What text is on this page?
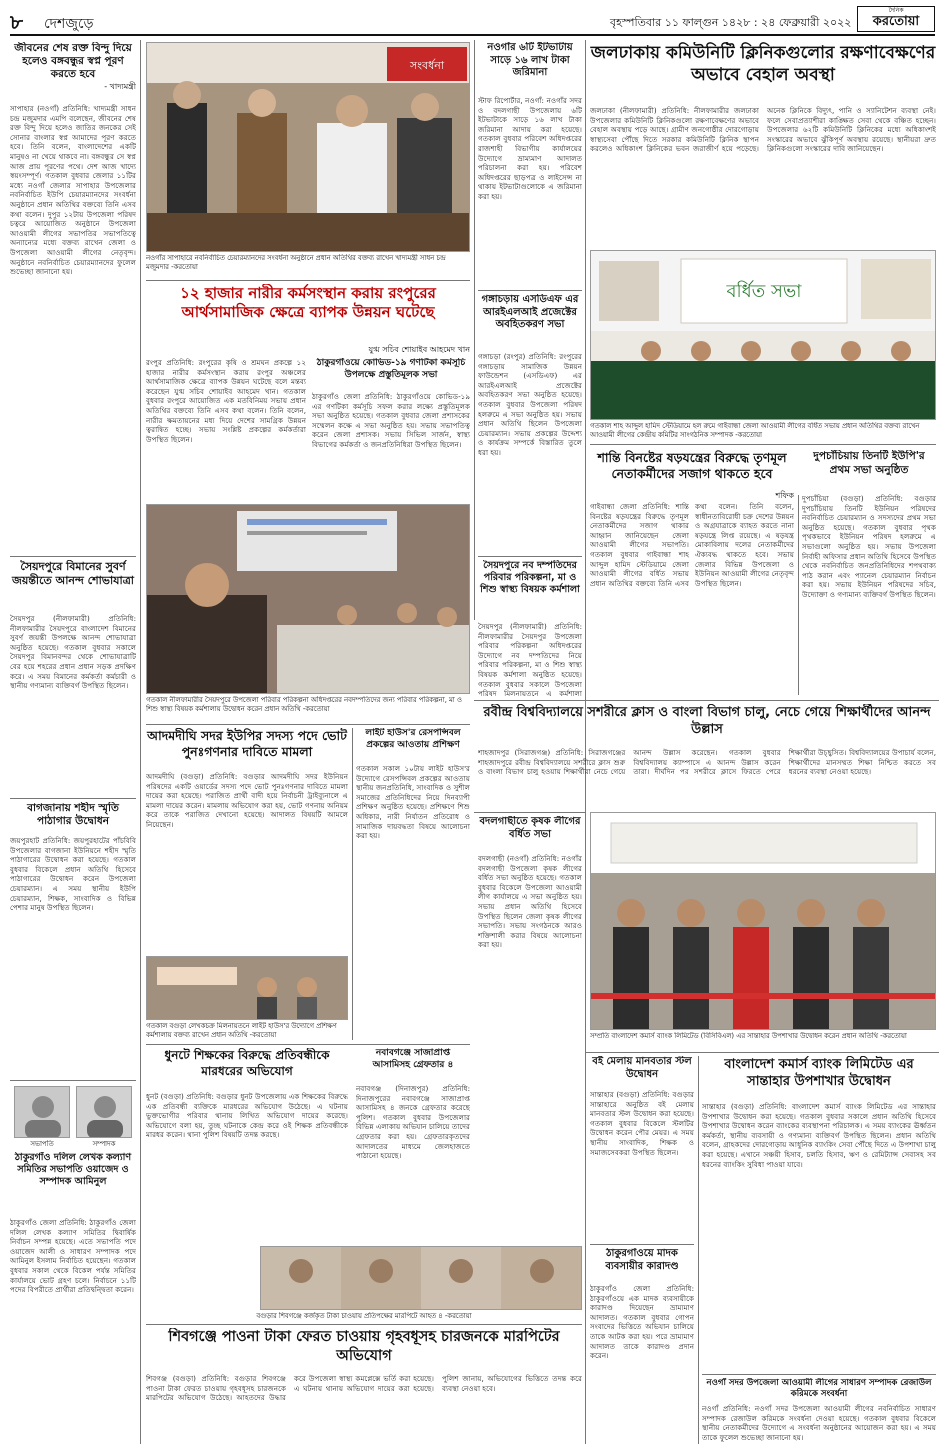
৮ দেশজুড়ে	বৃহস্পতিবার ১১ ফাল্গুন ১৪২৮ : ২৪ ফেব্রুয়ারী ২০২২
দৈনিক
করতোয়া
জীবনের শেষ রক্ত বিন্দু দিয়ে হলেও বঙ্গবন্ধুর স্বপ্ন পূরণ করতে হবে
- খাদ্যমন্ত্রী
সাপাহার (নওগাঁ) প্রতিনিধি: খাদ্যমন্ত্রী সাধন চন্দ্র মজুমদার এমপি বলেছেন, জীবনের শেষ রক্ত বিন্দু দিয়ে হলেও জাতির জনকের সেই সোনার বাংলার স্বপ্ন আমাদের পূরণ করতে হবে। তিনি বলেন, বাংলাদেশের একটি মানুষও না খেয়ে থাকবে না। বঙ্গবন্ধুর সে স্বপ্ন আজ প্রায় পূরণের পথে। দেশ আজ খাদ্যে স্বয়ংসম্পূর্ণ। গতকাল বুধবার জেলার ১১টির মধ্যে নওগাঁ জেলার সাপাহার উপজেলার নবনির্বাচিত ইউপি চেয়ারম্যানদের সংবর্ধনা অনুষ্ঠানে প্রধান অতিথির বক্তব্যে তিনি এসব কথা বলেন। দুপুর ১২টায় উপজেলা পরিষদ চত্বরে আয়োজিত অনুষ্ঠানে উপজেলা আওয়ামী লীগের সভাপতির সভাপতিত্বে অন্যান্যের মধ্যে বক্তব্য রাখেন জেলা ও উপজেলা আওয়ামী লীগের নেতৃবৃন্দ। অনুষ্ঠানে নবনির্বাচিত চেয়ারম্যানদের ফুলেল শুভেচ্ছা জানানো হয়।
সৈয়দপুরে বিমানের সুবর্ণ জয়ন্তীতে আনন্দ শোভাযাত্রা
সৈয়দপুর (নীলফামারী) প্রতিনিধি: নীলফামারীর সৈয়দপুরে বাংলাদেশ বিমানের সুবর্ণ জয়ন্তী উপলক্ষে আনন্দ শোভাযাত্রা অনুষ্ঠিত হয়েছে। গতকাল বুধবার সকালে সৈয়দপুর বিমানবন্দর থেকে শোভাযাত্রাটি বের হয়ে শহরের প্রধান প্রধান সড়ক প্রদক্ষিণ করে। এ সময় বিমানের কর্মকর্তা কর্মচারী ও স্থানীয় গণ্যমান্য ব্যক্তিবর্গ উপস্থিত ছিলেন।
বাগজানায় শহীদ স্মৃতি পাঠাগার উদ্বোধন
জয়পুরহাট প্রতিনিধি: জয়পুরহাটের পাঁচবিবি উপজেলার বাগজানা ইউনিয়নে শহীদ স্মৃতি পাঠাগারের উদ্বোধন করা হয়েছে। গতকাল বুধবার বিকেলে প্রধান অতিথি হিসেবে পাঠাগারের উদ্বোধন করেন উপজেলা চেয়ারম্যান। এ সময় স্থানীয় ইউপি চেয়ারম্যান, শিক্ষক, সাংবাদিক ও বিভিন্ন পেশার মানুষ উপস্থিত ছিলেন।
সভাপতি	সম্পাদক
ঠাকুরগাঁও দলিল লেখক কল্যাণ সমিতির সভাপতি ওয়াজেদ ও সম্পাদক আমিনুল
ঠাকুরগাঁও জেলা প্রতিনিধি: ঠাকুরগাঁও জেলা দলিল লেখক কল্যাণ সমিতির দ্বিবার্ষিক নির্বাচন সম্পন্ন হয়েছে। এতে সভাপতি পদে ওয়াজেদ আলী ও সাধারণ সম্পাদক পদে আমিনুল ইসলাম নির্বাচিত হয়েছেন। গতকাল বুধবার সকাল থেকে বিকেল পর্যন্ত সমিতির কার্যালয়ে ভোট গ্রহণ চলে। নির্বাচনে ১১টি পদের বিপরীতে প্রার্থীরা প্রতিদ্বন্দ্বিতা করেন।
সংবর্ধনা
নওগাঁর সাপাহারে নবনির্বাচিত চেয়ারম্যানদের সংবর্ধনা অনুষ্ঠানে প্রধান অতিথির বক্তব্য রাখেন খাদ্যমন্ত্রী সাধন চন্দ্র মজুমদার -করতোয়া
১২ হাজার নারীর কর্মসংস্থান করায় রংপুরের আর্থসামাজিক ক্ষেত্রে ব্যাপক উন্নয়ন ঘটেছে
যুগ্ম সচিব শোয়াইব আহমেদ খান
রংপুর প্রতিনিধি: রংপুরের কৃষি ও শ্রমঘন প্রকল্পে ১২ হাজার নারীর কর্মসংস্থান করায় রংপুর অঞ্চলের আর্থসামাজিক ক্ষেত্রে ব্যাপক উন্নয়ন ঘটেছে বলে মন্তব্য করেছেন যুগ্ম সচিব শোয়াইব আহমেদ খান। গতকাল বুধবার রংপুরে আয়োজিত এক মতবিনিময় সভায় প্রধান অতিথির বক্তব্যে তিনি এসব কথা বলেন। তিনি বলেন, নারীর ক্ষমতায়নের মধ্য দিয়ে দেশের সামগ্রিক উন্নয়ন ত্বরান্বিত হচ্ছে। সভায় সংশ্লিষ্ট প্রকল্পের কর্মকর্তারা উপস্থিত ছিলেন।
ঠাকুরগাঁওয়ে কোভিড-১৯ গণটিকা কর্মসূচি উপলক্ষে প্রস্তুতিমূলক সভা
ঠাকুরগাঁও জেলা প্রতিনিধি: ঠাকুরগাঁওয়ে কোভিড-১৯ এর গণটিকা কর্মসূচি সফল করার লক্ষ্যে প্রস্তুতিমূলক সভা অনুষ্ঠিত হয়েছে। গতকাল বুধবার জেলা প্রশাসকের সম্মেলন কক্ষে এ সভা অনুষ্ঠিত হয়। সভায় সভাপতিত্ব করেন জেলা প্রশাসক। সভায় সিভিল সার্জন, স্বাস্থ্য বিভাগের কর্মকর্তা ও জনপ্রতিনিধিরা উপস্থিত ছিলেন।
গতকাল নীলফামারীর সৈয়দপুরে উপজেলা পরিবার পরিকল্পনা অধিদপ্তরের নবদম্পতিদের জন্য পরিবার পরিকল্পনা, মা ও শিশু স্বাস্থ্য বিষয়ক কর্মশালায় উদ্বোধন করেন প্রধান অতিথি -করতোয়া
আদমদীঘি সদর ইউপির সদস্য পদে ভোট পুনঃগণনার দাবিতে মামলা
আদমদীঘি (বগুড়া) প্রতিনিধি: বগুড়ার আদমদীঘি সদর ইউনিয়ন পরিষদের একটি ওয়ার্ডের সদস্য পদে ভোট পুনঃগণনার দাবিতে মামলা দায়ের করা হয়েছে। পরাজিত প্রার্থী বাদী হয়ে নির্বাচনী ট্রাইব্যুনালে এ মামলা দায়ের করেন। মামলায় অভিযোগ করা হয়, ভোট গণনায় অনিয়ম করে তাকে পরাজিত দেখানো হয়েছে। আদালত বিষয়টি আমলে নিয়েছেন।
লাইট হাউস'র রেসপন্সিবল প্রকল্পের আওতায় প্রশিক্ষণ
গতকাল সকাল ১০টায় লাইট হাউস'র উদ্যোগে রেসপন্সিবল প্রকল্পের আওতায় স্থানীয় জনপ্রতিনিধি, সাংবাদিক ও সুশীল সমাজের প্রতিনিধিদের নিয়ে দিনব্যাপী প্রশিক্ষণ অনুষ্ঠিত হয়েছে। প্রশিক্ষণে শিশু অধিকার, নারী নির্যাতন প্রতিরোধ ও সামাজিক দায়বদ্ধতা বিষয়ে আলোচনা করা হয়।
গতকাল বগুড়া লেখকচক্র মিলনায়তনে লাইট হাউস'র উদ্যোগে প্রশিক্ষণ কর্মশালায় বক্তব্য রাখেন প্রধান অতিথি -করতোয়া
ধুনটে শিক্ষকের বিরুদ্ধে প্রতিবন্ধীকে মারধরের অভিযোগ
ধুনট (বগুড়া) প্রতিনিধি: বগুড়ার ধুনট উপজেলায় এক শিক্ষকের বিরুদ্ধে এক প্রতিবন্ধী ব্যক্তিকে মারধরের অভিযোগ উঠেছে। এ ঘটনায় ভুক্তভোগীর পরিবার থানায় লিখিত অভিযোগ দায়ের করেছে। অভিযোগে বলা হয়, তুচ্ছ ঘটনাকে কেন্দ্র করে ওই শিক্ষক প্রতিবন্ধীকে মারধর করেন। থানা পুলিশ বিষয়টি তদন্ত করছে।
নবাবগঞ্জে সাজাপ্রাপ্ত আসামিসহ গ্রেফতার ৪
নবাবগঞ্জ (দিনাজপুর) প্রতিনিধি: দিনাজপুরের নবাবগঞ্জে সাজাপ্রাপ্ত আসামিসহ ৪ জনকে গ্রেফতার করেছে পুলিশ। গতকাল বুধবার উপজেলার বিভিন্ন এলাকায় অভিযান চালিয়ে তাদের গ্রেফতার করা হয়। গ্রেফতারকৃতদের আদালতের মাধ্যমে জেলহাজতে পাঠানো হয়েছে।
বগুড়ার শিবগঞ্জে কর্জকৃত টাকা চাওয়ায় প্রতিপক্ষের মারপিটে আহত ৪ -করতোয়া
শিবগঞ্জে পাওনা টাকা ফেরত চাওয়ায় গৃহবধূসহ চারজনকে মারপিটের অভিযোগ
শিবগঞ্জ (বগুড়া) প্রতিনিধি: বগুড়ার শিবগঞ্জে পাওনা টাকা ফেরত চাওয়ায় গৃহবধূসহ চারজনকে মারপিটের অভিযোগ উঠেছে। আহতদের উদ্ধার করে উপজেলা স্বাস্থ্য কমপ্লেক্সে ভর্তি করা হয়েছে। এ ঘটনায় থানায় অভিযোগ দায়ের করা হয়েছে। পুলিশ জানায়, অভিযোগের ভিত্তিতে তদন্ত করে ব্যবস্থা নেওয়া হবে।
নওগাঁর ৬টি ইটভাটায় সাড়ে ১৬ লাখ টাকা জরিমানা
স্টাফ রিপোর্টার, নওগাঁ: নওগাঁর সদর ও বদলগাছী উপজেলায় ৬টি ইটভাটাকে সাড়ে ১৬ লাখ টাকা জরিমানা আদায় করা হয়েছে। গতকাল বুধবার পরিবেশ অধিদপ্তরের রাজশাহী বিভাগীয় কার্যালয়ের উদ্যোগে ভ্রাম্যমাণ আদালত পরিচালনা করা হয়। পরিবেশ অধিদপ্তরের ছাড়পত্র ও লাইসেন্স না থাকায় ইটভাটাগুলোকে এ জরিমানা করা হয়।
গঙ্গাচড়ায় এসডিএফ এর আরইএলআই প্রজেক্টের অবহিতকরণ সভা
গঙ্গাচড়া (রংপুর) প্রতিনিধি: রংপুরের গঙ্গাচড়ায় সামাজিক উন্নয়ন ফাউন্ডেশন (এসডিএফ) এর আরইএলআই প্রজেক্টের অবহিতকরণ সভা অনুষ্ঠিত হয়েছে। গতকাল বুধবার উপজেলা পরিষদ হলরুমে এ সভা অনুষ্ঠিত হয়। সভায় প্রধান অতিথি ছিলেন উপজেলা চেয়ারম্যান। সভায় প্রকল্পের উদ্দেশ্য ও কার্যক্রম সম্পর্কে বিস্তারিত তুলে ধরা হয়।
সৈয়দপুরে নব দম্পতিদের পরিবার পরিকল্পনা, মা ও শিশু স্বাস্থ্য বিষয়ক কর্মশালা
সৈয়দপুর (নীলফামারী) প্রতিনিধি: নীলফামারীর সৈয়দপুর উপজেলা পরিবার পরিকল্পনা অধিদপ্তরের উদ্যোগে নব দম্পতিদের নিয়ে পরিবার পরিকল্পনা, মা ও শিশু স্বাস্থ্য বিষয়ক কর্মশালা অনুষ্ঠিত হয়েছে। গতকাল বুধবার সকালে উপজেলা পরিষদ মিলনায়তনে এ কর্মশালা
রবীন্দ্র বিশ্ববিদ্যালয়ে সশরীরে ক্লাস ও বাংলা বিভাগ চালু, নেচে গেয়ে শিক্ষার্থীদের আনন্দ উল্লাস
শাহজাদপুর (সিরাজগঞ্জ) প্রতিনিধি: সিরাজগঞ্জের শাহজাদপুরে রবীন্দ্র বিশ্ববিদ্যালয়ে সশরীরে ক্লাস শুরু ও বাংলা বিভাগ চালু হওয়ায় শিক্ষার্থীরা নেচে গেয়ে আনন্দ উল্লাস করেছেন। গতকাল বুধবার বিশ্ববিদ্যালয় ক্যাম্পাসে এ আনন্দ উল্লাস করেন তারা। দীর্ঘদিন পর সশরীরে ক্লাসে ফিরতে পেরে শিক্ষার্থীরা উচ্ছ্বসিত। বিশ্ববিদ্যালয়ের উপাচার্য বলেন, শিক্ষার্থীদের মানসম্মত শিক্ষা নিশ্চিত করতে সব ধরনের ব্যবস্থা নেওয়া হয়েছে।
বদলগাছীতে কৃষক লীগের বর্ধিত সভা
বদলগাছী (নওগাঁ) প্রতিনিধি: নওগাঁর বদলগাছী উপজেলা কৃষক লীগের বর্ধিত সভা অনুষ্ঠিত হয়েছে। গতকাল বুধবার বিকেলে উপজেলা আওয়ামী লীগ কার্যালয়ে এ সভা অনুষ্ঠিত হয়। সভায় প্রধান অতিথি হিসেবে উপস্থিত ছিলেন জেলা কৃষক লীগের সভাপতি। সভায় সংগঠনকে আরও শক্তিশালী করার বিষয়ে আলোচনা করা হয়।
জলঢাকায় কমিউনিটি ক্লিনিকগুলোর রক্ষণাবেক্ষণের অভাবে বেহাল অবস্থা
জলঢাকা (নীলফামারী) প্রতিনিধি: নীলফামারীর জলঢাকা উপজেলার কমিউনিটি ক্লিনিকগুলো রক্ষণাবেক্ষণের অভাবে বেহাল অবস্থায় পড়ে আছে। গ্রামীণ জনগোষ্ঠীর দোরগোড়ায় স্বাস্থ্যসেবা পৌঁছে দিতে সরকার কমিউনিটি ক্লিনিক স্থাপন করলেও অধিকাংশ ক্লিনিকের ভবন জরাজীর্ণ হয়ে পড়েছে। অনেক ক্লিনিকে বিদ্যুৎ, পানি ও স্যানিটেশন ব্যবস্থা নেই। ফলে সেবাপ্রত্যাশীরা কাঙ্ক্ষিত সেবা থেকে বঞ্চিত হচ্ছেন। উপজেলার ৬২টি কমিউনিটি ক্লিনিকের মধ্যে অধিকাংশই সংস্কারের অভাবে ঝুঁকিপূর্ণ অবস্থায় রয়েছে। স্থানীয়রা দ্রুত ক্লিনিকগুলো সংস্কারের দাবি জানিয়েছেন।
বর্ধিত সভা
গতকাল শাহ আব্দুল হামিদ স্টেডিয়ামে হল রুমে গাইবান্ধা জেলা আওয়ামী লীগের বর্ধিত সভায় প্রধান অতিথির বক্তব্য রাখেন আওয়ামী লীগের কেন্দ্রীয় কমিটির সাংগঠনিক সম্পাদক -করতোয়া
শান্তি বিনষ্টের ষড়যন্ত্রের বিরুদ্ধে তৃণমূল নেতাকর্মীদের সজাগ থাকতে হবে
শফিক
গাইবান্ধা জেলা প্রতিনিধি: শান্তি বিনষ্টের ষড়যন্ত্রের বিরুদ্ধে তৃণমূল নেতাকর্মীদের সজাগ থাকার আহ্বান জানিয়েছেন জেলা আওয়ামী লীগের সভাপতি। গতকাল বুধবার গাইবান্ধা শাহ আব্দুল হামিদ স্টেডিয়ামে জেলা আওয়ামী লীগের বর্ধিত সভায় প্রধান অতিথির বক্তব্যে তিনি এসব কথা বলেন। তিনি বলেন, স্বাধীনতাবিরোধী চক্র দেশের উন্নয়ন ও অগ্রযাত্রাকে ব্যাহত করতে নানা ষড়যন্ত্রে লিপ্ত রয়েছে। এ ষড়যন্ত্র মোকাবিলায় দলের নেতাকর্মীদের ঐক্যবদ্ধ থাকতে হবে। সভায় জেলার বিভিন্ন উপজেলা ও ইউনিয়ন আওয়ামী লীগের নেতৃবৃন্দ উপস্থিত ছিলেন।
দুপচাঁচিয়ায় তিনটি ইউপি'র প্রথম সভা অনুষ্ঠিত
দুপচাঁচিয়া (বগুড়া) প্রতিনিধি: বগুড়ার দুপচাঁচিয়ায় তিনটি ইউনিয়ন পরিষদের নবনির্বাচিত চেয়ারম্যান ও সদস্যদের প্রথম সভা অনুষ্ঠিত হয়েছে। গতকাল বুধবার পৃথক পৃথকভাবে ইউনিয়ন পরিষদ হলরুমে এ সভাগুলো অনুষ্ঠিত হয়। সভায় উপজেলা নির্বাহী অফিসার প্রধান অতিথি হিসেবে উপস্থিত থেকে নবনির্বাচিত জনপ্রতিনিধিদের শপথবাক্য পাঠ করান এবং প্যানেল চেয়ারম্যান নির্বাচন করা হয়। সভায় ইউনিয়ন পরিষদের সচিব, উদ্যোক্তা ও গণ্যমান্য ব্যক্তিবর্গ উপস্থিত ছিলেন।
সম্প্রতি বাংলাদেশ কমার্স ব্যাংক লিমিটেড (বিসিবিএল) এর সান্তাহার উপশাখার উদ্বোধন করেন প্রধান অতিথি -করতোয়া
বই মেলায় মানবতার স্টল উদ্বোধন
সান্তাহার (বগুড়া) প্রতিনিধি: বগুড়ার সান্তাহারে অনুষ্ঠিত বই মেলায় মানবতার স্টল উদ্বোধন করা হয়েছে। গতকাল বুধবার বিকেলে স্টলটির উদ্বোধন করেন পৌর মেয়র। এ সময় স্থানীয় সাংবাদিক, শিক্ষক ও সমাজসেবকরা উপস্থিত ছিলেন।
ঠাকুরগাঁওয়ে মাদক ব্যবসায়ীর কারাদণ্ড
ঠাকুরগাঁও জেলা প্রতিনিধি: ঠাকুরগাঁওয়ে এক মাদক ব্যবসায়ীকে কারাদণ্ড দিয়েছেন ভ্রাম্যমাণ আদালত। গতকাল বুধবার গোপন সংবাদের ভিত্তিতে অভিযান চালিয়ে তাকে আটক করা হয়। পরে ভ্রাম্যমাণ আদালত তাকে কারাদণ্ড প্রদান করেন।
বাংলাদেশ কমার্স ব্যাংক লিমিটেড এর সান্তাহার উপশাখার উদ্বোধন
সান্তাহার (বগুড়া) প্রতিনিধি: বাংলাদেশ কমার্স ব্যাংক লিমিটেড এর সান্তাহার উপশাখার উদ্বোধন করা হয়েছে। গতকাল বুধবার সকালে প্রধান অতিথি হিসেবে উপশাখার উদ্বোধন করেন ব্যাংকের ব্যবস্থাপনা পরিচালক। এ সময় ব্যাংকের ঊর্ধ্বতন কর্মকর্তা, স্থানীয় ব্যবসায়ী ও গণ্যমান্য ব্যক্তিবর্গ উপস্থিত ছিলেন। প্রধান অতিথি বলেন, গ্রাহকদের দোরগোড়ায় আধুনিক ব্যাংকিং সেবা পৌঁছে দিতে এ উপশাখা চালু করা হয়েছে। এখানে সঞ্চয়ী হিসাব, চলতি হিসাব, ঋণ ও রেমিট্যান্স সেবাসহ সব ধরনের ব্যাংকিং সুবিধা পাওয়া যাবে।
নওগাঁ সদর উপজেলা আওয়ামী লীগের সাধারণ সম্পাদক রেজাউল করিমকে সংবর্ধনা
নওগাঁ প্রতিনিধি: নওগাঁ সদর উপজেলা আওয়ামী লীগের নবনির্বাচিত সাধারণ সম্পাদক রেজাউল করিমকে সংবর্ধনা দেওয়া হয়েছে। গতকাল বুধবার বিকেলে স্থানীয় নেতাকর্মীদের উদ্যোগে এ সংবর্ধনা অনুষ্ঠানের আয়োজন করা হয়। এ সময় তাকে ফুলেল শুভেচ্ছা জানানো হয়।
